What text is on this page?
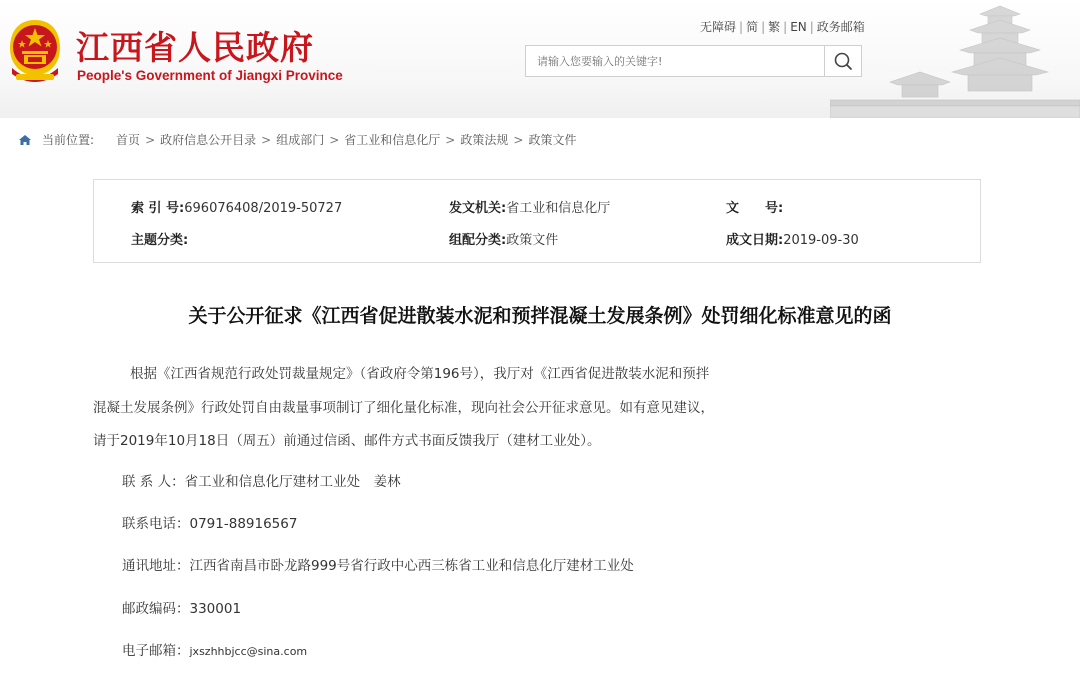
江西省人民政府
People's Government of Jiangxi Province
无障碍 | 简 | 繁 | EN | 政务邮箱
请输入您要输入的关键字!
当前位置: 首页 > 政府信息公开目录 > 组成部门 > 省工业和信息化厅 > 政策法规 > 政策文件
索 引 号:696076408/2019-50727	发文机关:省工业和信息化厅	文　　号:
主题分类:	组配分类:政策文件	成文日期:2019-09-30
关于公开征求《江西省促进散装水泥和预拌混凝土发展条例》处罚细化标准意见的函
根据《江西省规范行政处罚裁量规定》（省政府令第196号），我厅对《江西省促进散装水泥和预拌
混凝土发展条例》行政处罚自由裁量事项制订了细化量化标准，现向社会公开征求意见。如有意见建议，
请于2019年10月18日（周五）前通过信函、邮件方式书面反馈我厅（建材工业处）。
联 系 人：省工业和信息化厅建材工业处　姜林
联系电话：0791-88916567
通讯地址：江西省南昌市卧龙路999号省行政中心西三栋省工业和信息化厅建材工业处
邮政编码：330001
电子邮箱：jxszhhbjcc@sina.com
